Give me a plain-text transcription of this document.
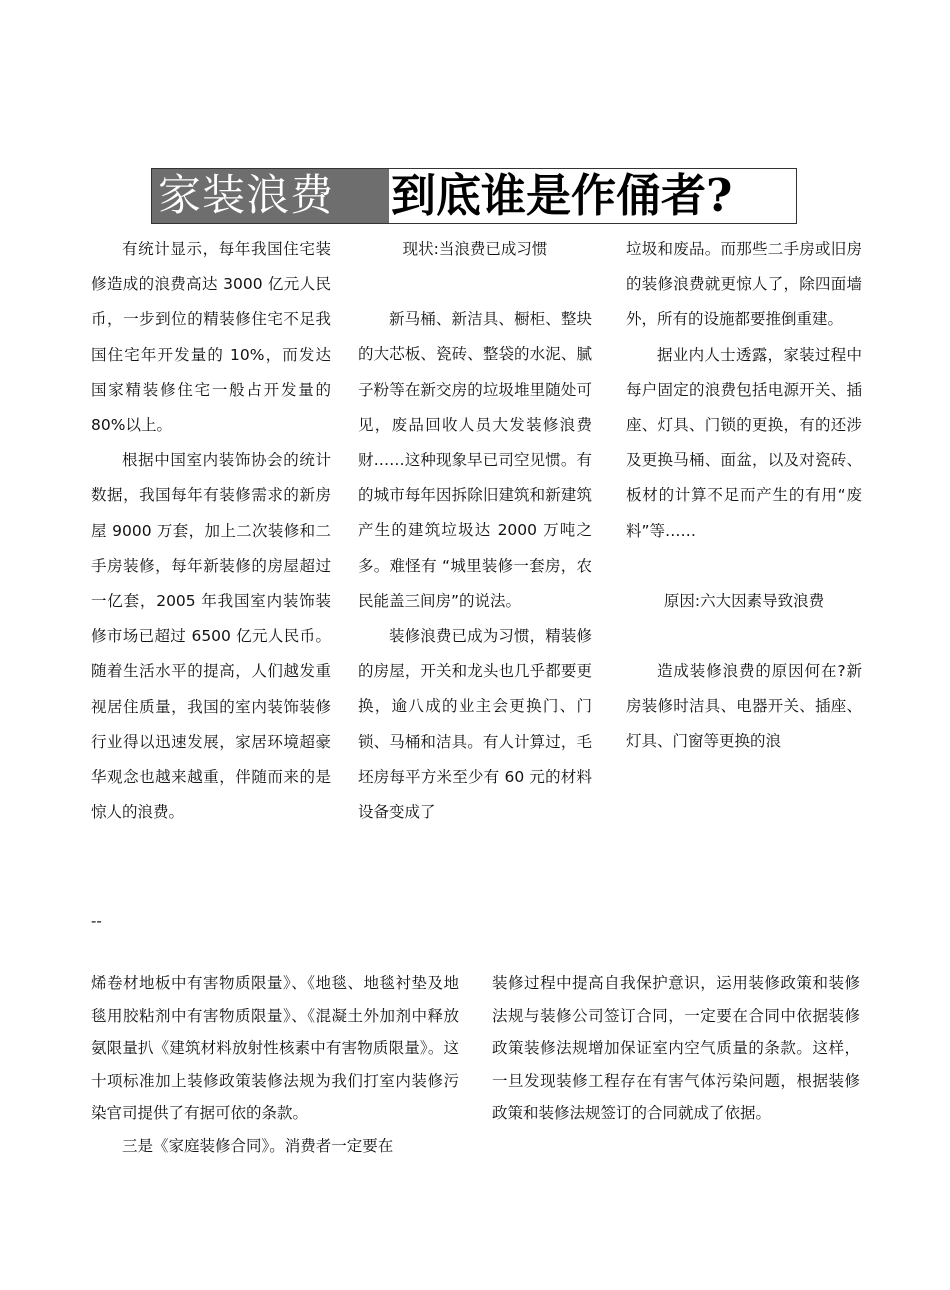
家装浪费	到底谁是作俑者?

有统计显示，每年我国住宅装修造成的浪费高达 3000 亿元人民币，一步到位的精装修住宅不足我国住宅年开发量的 10%，而发达国家精装修住宅一般占开发量的 80%以上。

根据中国室内装饰协会的统计数据，我国每年有装修需求的新房屋 9000 万套，加上二次装修和二手房装修，每年新装修的房屋超过一亿套，2005 年我国室内装饰装修市场已超过 6500 亿元人民币。随着生活水平的提高，人们越发重视居住质量，我国的室内装饰装修行业得以迅速发展，家居环境超豪华观念也越来越重，伴随而来的是惊人的浪费。

现状:当浪费已成习惯

新马桶、新洁具、橱柜、整块的大芯板、瓷砖、整袋的水泥、腻子粉等在新交房的垃圾堆里随处可见，废品回收人员大发装修浪费财……这种现象早已司空见惯。有的城市每年因拆除旧建筑和新建筑产生的建筑垃圾达 2000 万吨之多。难怪有 “城里装修一套房，农民能盖三间房”的说法。

装修浪费已成为习惯，精装修的房屋，开关和龙头也几乎都要更换，逾八成的业主会更换门、门锁、马桶和洁具。有人计算过，毛坯房每平方米至少有 60 元的材料设备变成了

垃圾和废品。而那些二手房或旧房的装修浪费就更惊人了，除四面墙外，所有的设施都要推倒重建。

据业内人士透露，家装过程中每户固定的浪费包括电源开关、插座、灯具、门锁的更换，有的还涉及更换马桶、面盆，以及对瓷砖、板材的计算不足而产生的有用“废料”等……

原因:六大因素导致浪费

造成装修浪费的原因何在?新房装修时洁具、电器开关、插座、灯具、门窗等更换的浪

--

烯卷材地板中有害物质限量》、《地毯、地毯衬垫及地毯用胶粘剂中有害物质限量》、《混凝土外加剂中释放氨限量扒《建筑材料放射性核素中有害物质限量》。这十项标准加上装修政策装修法规为我们打室内装修污染官司提供了有据可依的条款。

三是《家庭装修合同》。消费者一定要在

装修过程中提高自我保护意识，运用装修政策和装修法规与装修公司签订合同，一定要在合同中依据装修政策装修法规增加保证室内空气质量的条款。这样，一旦发现装修工程存在有害气体污染问题，根据装修政策和装修法规签订的合同就成了依据。
